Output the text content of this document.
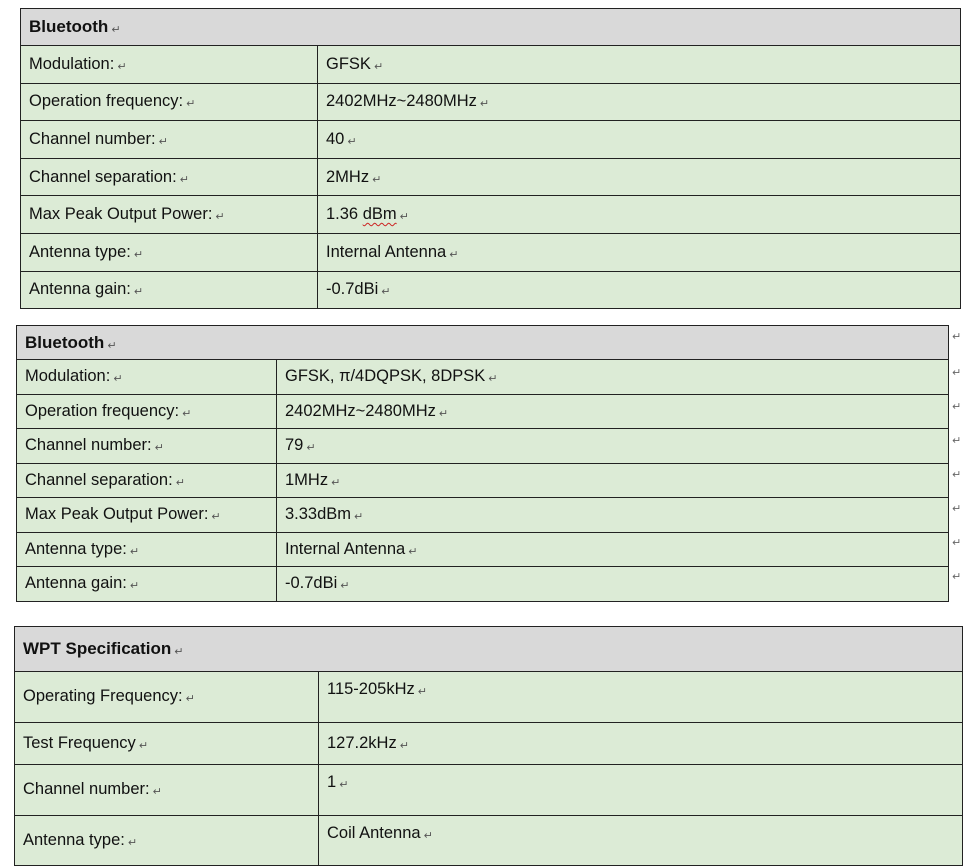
Bluetooth ↵	
Modulation: ↵	GFSK ↵
Operation frequency: ↵	2402MHz~2480MHz ↵
Channel number: ↵	40 ↵
Channel separation: ↵	2MHz ↵
Max Peak Output Power: ↵	1.36 dBm ↵
Antenna type: ↵	Internal Antenna ↵
Antenna gain: ↵	-0.7dBi ↵
Bluetooth ↵	
Modulation: ↵	GFSK, π/4DQPSK, 8DPSK ↵
Operation frequency: ↵	2402MHz~2480MHz ↵
Channel number: ↵	79 ↵
Channel separation: ↵	1MHz ↵
Max Peak Output Power: ↵	3.33dBm ↵
Antenna type: ↵	Internal Antenna ↵
Antenna gain: ↵	-0.7dBi ↵
↵
↵
↵
↵
↵
↵
↵
↵
WPT Specification ↵	
Operating Frequency: ↵	115-205kHz ↵
Test Frequency ↵	127.2kHz ↵
Channel number: ↵	1 ↵
Antenna type: ↵	Coil Antenna ↵
